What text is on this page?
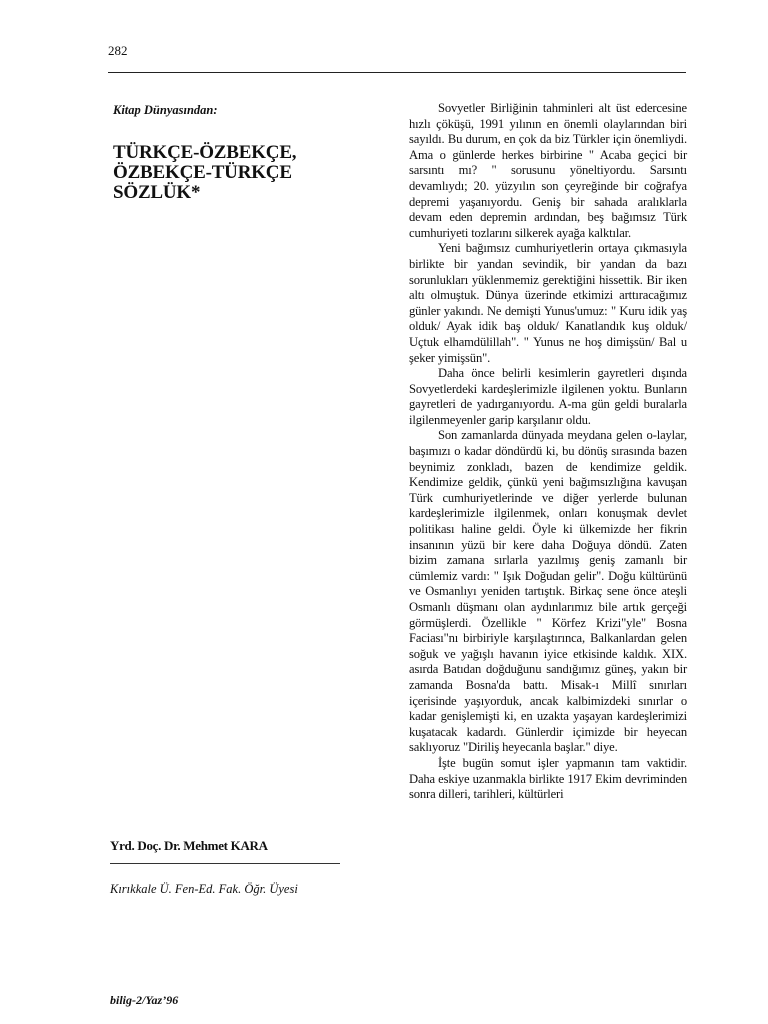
282
Kitap Dünyasından:
TÜRKÇE-ÖZBEKÇE,
ÖZBEKÇE-TÜRKÇE
SÖZLÜK*
Yrd. Doç. Dr. Mehmet KARA
Kırıkkale Ü. Fen-Ed. Fak. Öğr. Üyesi

Sovyetler Birliğinin tahminleri alt üst edercesine hızlı çöküşü, 1991 yılının en önemli olaylarından biri sayıldı. Bu durum, en çok da biz Türkler için önemliydi. Ama o günlerde herkes birbirine " Acaba geçici bir sarsıntı mı? " sorusunu yöneltiyordu. Sarsıntı devamlıydı; 20. yüzyılın son çeyreğinde bir coğrafya depremi yaşanıyordu. Geniş bir sahada aralıklarla devam eden depremin ardından, beş bağımsız Türk cumhuriyeti tozlarını silkerek ayağa kalktılar.

Yeni bağımsız cumhuriyetlerin ortaya çıkmasıyla birlikte bir yandan sevindik, bir yandan da bazı sorunlukları yüklenmemiz gerektiğini hissettik. Bir iken altı olmuştuk. Dünya üzerinde etkimizi arttıracağımız günler yakındı. Ne demişti Yunus'umuz: " Kuru idik yaş olduk/ Ayak idik baş olduk/ Kanatlandık kuş olduk/ Uçtuk elhamdülillah". " Yunus ne hoş dimişsün/ Bal u şeker yimişsün".

Daha önce belirli kesimlerin gayretleri dışında Sovyetlerdeki kardeşlerimizle ilgilenen yoktu. Bunların gayretleri de yadırganıyordu. A-ma gün geldi buralarla ilgilenmeyenler garip karşılanır oldu.

Son zamanlarda dünyada meydana gelen o-laylar, başımızı o kadar döndürdü ki, bu dönüş sırasında bazen beynimiz zonkladı, bazen de kendimize geldik. Kendimize geldik, çünkü yeni bağımsızlığına kavuşan Türk cumhuriyetlerinde ve diğer yerlerde bulunan kardeşlerimizle ilgilenmek, onları konuşmak devlet politikası haline geldi. Öyle ki ülkemizde her fikrin insanının yüzü bir kere daha Doğuya döndü. Zaten bizim zamana sırlarla yazılmış geniş zamanlı bir cümlemiz vardı: " Işık Doğudan gelir". Doğu kültürünü ve Osmanlıyı yeniden tartıştık. Birkaç sene önce ateşli Osmanlı düşmanı olan aydınlarımız bile artık gerçeği görmüşlerdi. Özellikle " Körfez Krizi"yle" Bosna Faciası"nı birbiriyle karşılaştırınca, Balkanlardan gelen soğuk ve yağışlı havanın iyice etkisinde kaldık. XIX. asırda Batıdan doğduğunu sandığımız güneş, yakın bir zamanda Bosna'da battı. Misak-ı Millî sınırları içerisinde yaşıyorduk, ancak kalbimizdeki sınırlar o kadar genişlemişti ki, en uzakta yaşayan kardeşlerimizi kuşatacak kadardı. Günlerdir içimizde bir heyecan saklıyoruz "Diriliş heyecanla başlar." diye.

İşte bugün somut işler yapmanın tam vaktidir. Daha eskiye uzanmakla birlikte 1917 Ekim devriminden sonra dilleri, tarihleri, kültürleri

bilig-2/Yaz’96
